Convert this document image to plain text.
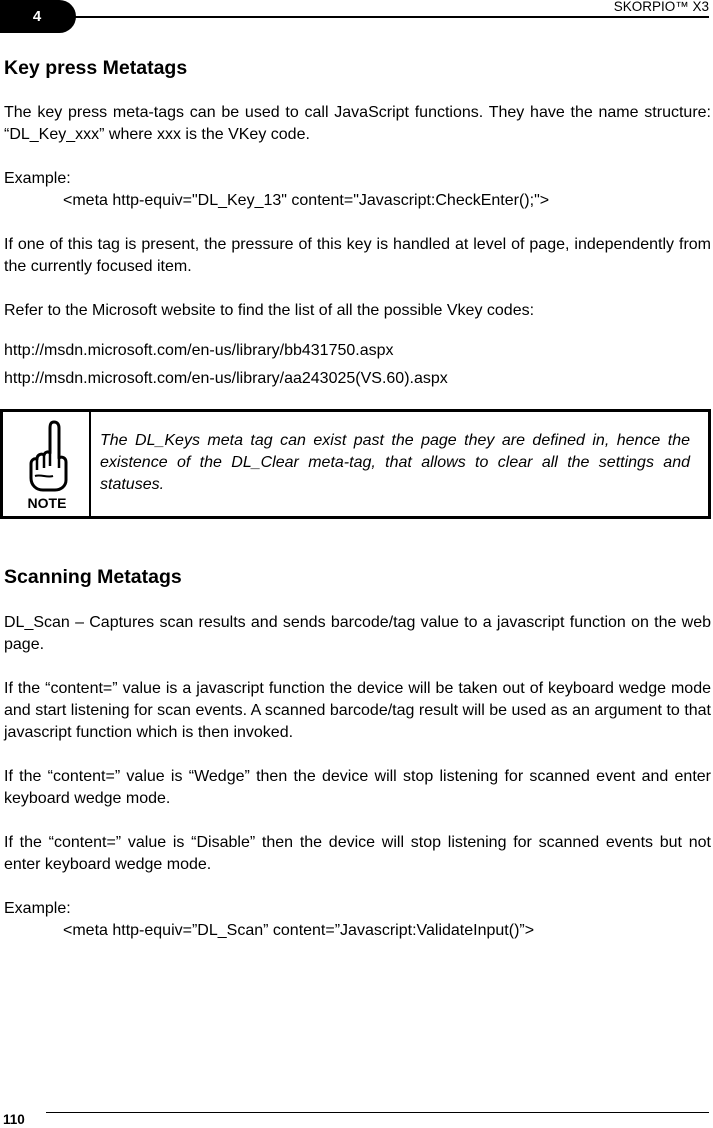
4
SKORPIO™ X3
Key press Metatags

The key press meta-tags can be used to call JavaScript functions. They have the name structure: “DL_Key_xxx” where xxx is the VKey code.

Example:

<meta http-equiv="DL_Key_13" content="Javascript:CheckEnter();">

If one of this tag is present, the pressure of this key is handled at level of page, independently from the currently focused item.

Refer to the Microsoft website to find the list of all the possible Vkey codes:

http://msdn.microsoft.com/en-us/library/bb431750.aspx

http://msdn.microsoft.com/en-us/library/aa243025(VS.60).aspx

NOTE

The DL_Keys meta tag can exist past the page they are defined in, hence the existence of the DL_Clear meta-tag, that allows to clear all the settings and statuses.

Scanning Metatags

DL_Scan – Captures scan results and sends barcode/tag value to a javascript function on the web page.

If the “content=” value is a javascript function the device will be taken out of keyboard wedge mode and start listening for scan events. A scanned barcode/tag result will be used as an argument to that javascript function which is then invoked.

If the “content=” value is “Wedge” then the device will stop listening for scanned event and enter keyboard wedge mode.

If the “content=” value is “Disable” then the device will stop listening for scanned events but not enter keyboard wedge mode.

Example:

<meta http-equiv=”DL_Scan” content=”Javascript:ValidateInput()”>

110
